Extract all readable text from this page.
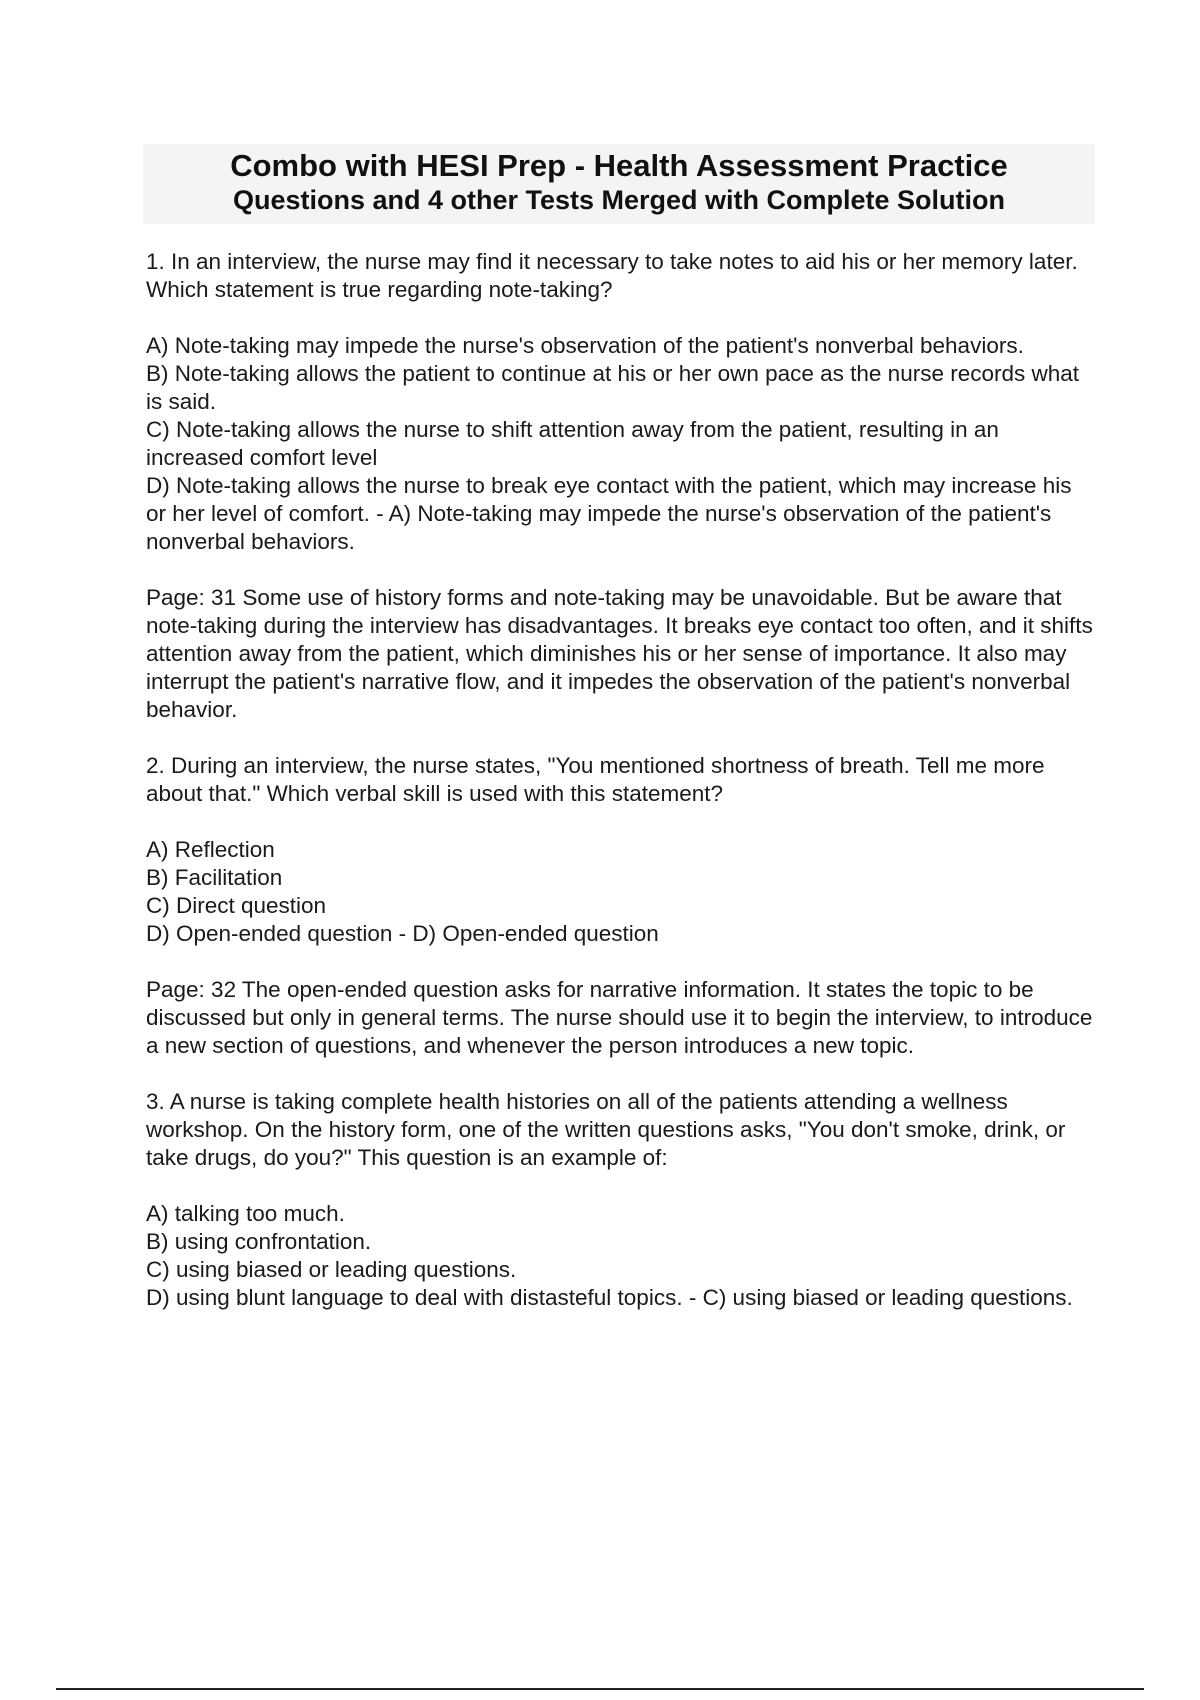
Combo with HESI Prep - Health Assessment Practice
Questions and 4 other Tests Merged with Complete Solution

1. In an interview, the nurse may find it necessary to take notes to aid his or her memory later. Which statement is true regarding note-taking?

A) Note-taking may impede the nurse's observation of the patient's nonverbal behaviors.

B) Note-taking allows the patient to continue at his or her own pace as the nurse records what is said.

C) Note-taking allows the nurse to shift attention away from the patient, resulting in an increased comfort level

D) Note-taking allows the nurse to break eye contact with the patient, which may increase his or her level of comfort. - A) Note-taking may impede the nurse's observation of the patient's nonverbal behaviors.

Page: 31 Some use of history forms and note-taking may be unavoidable. But be aware that note-taking during the interview has disadvantages. It breaks eye contact too often, and it shifts attention away from the patient, which diminishes his or her sense of importance. It also may interrupt the patient's narrative flow, and it impedes the observation of the patient's nonverbal behavior.

2. During an interview, the nurse states, "You mentioned shortness of breath. Tell me more about that." Which verbal skill is used with this statement?

A) Reflection

B) Facilitation

C) Direct question

D) Open-ended question - D) Open-ended question

Page: 32 The open-ended question asks for narrative information. It states the topic to be discussed but only in general terms. The nurse should use it to begin the interview, to introduce a new section of questions, and whenever the person introduces a new topic.

3. A nurse is taking complete health histories on all of the patients attending a wellness workshop. On the history form, one of the written questions asks, "You don't smoke, drink, or take drugs, do you?" This question is an example of:

A) talking too much.

B) using confrontation.

C) using biased or leading questions.

D) using blunt language to deal with distasteful topics. - C) using biased or leading questions.
